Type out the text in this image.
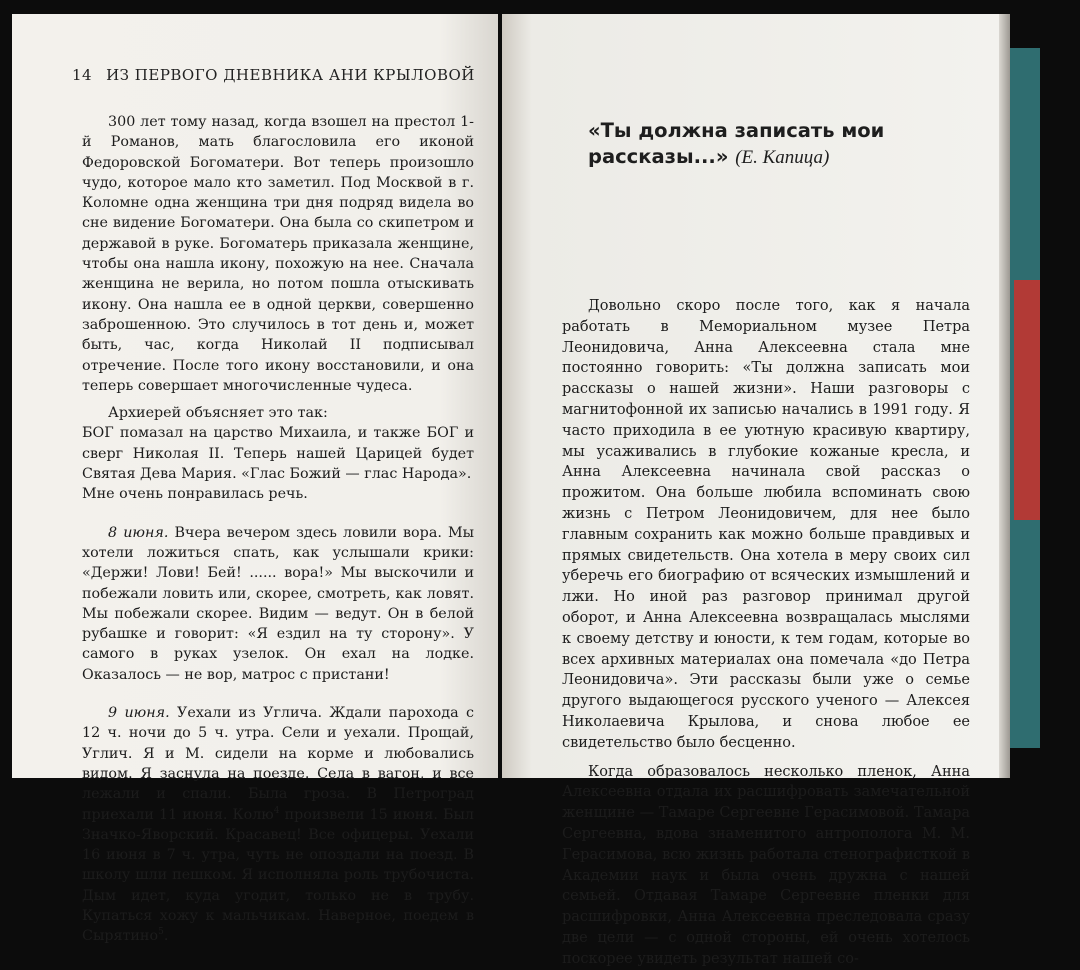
14 ИЗ ПЕРВОГО ДНЕВНИКА АНИ КРЫЛОВОЙ

300 лет тому назад, когда взошел на престол 1-й Романов, мать благословила его иконой Федоровской Богоматери. Вот теперь произошло чудо, которое мало кто заметил. Под Москвой в г. Коломне одна женщина три дня подряд видела во сне видение Богоматери. Она была со скипетром и державой в руке. Богоматерь приказала женщине, чтобы она нашла икону, похожую на нее. Сначала женщина не верила, но потом пошла отыскивать икону. Она нашла ее в одной церкви, совершенно заброшенною. Это случилось в тот день и, может быть, час, когда Николай II подписывал отречение. После того икону восстановили, и она теперь совершает многочисленные чудеса.

Архиерей объясняет это так:

БОГ помазал на царство Михаила, и также БОГ и сверг Николая II. Теперь нашей Царицей будет Святая Дева Мария. «Глас Божий — глас Народа».

Мне очень понравилась речь.

8 июня. Вчера вечером здесь ловили вора. Мы хотели ложиться спать, как услышали крики: «Держи! Лови! Бей! ...... вора!» Мы выскочили и побежали ловить или, скорее, смотреть, как ловят. Мы побежали скорее. Видим — ведут. Он в белой рубашке и говорит: «Я ездил на ту сторону». У самого в руках узелок. Он ехал на лодке. Оказалось — не вор, матрос с пристани!

9 июня. Уехали из Углича. Ждали парохода с 12 ч. ночи до 5 ч. утра. Сели и уехали. Прощай, Углич. Я и М. сидели на корме и любовались видом. Я заснула на поезде. Села в вагон, и все лежали и спали. Была гроза. В Петроград приехали 11 июня. Колю$^4$ произвели 15 июня. Был Значко-Яворский. Красавец! Все офицеры. Уехали 16 июня в 7 ч. утра, чуть не опоздали на поезд. В школу шли пешком. Я исполняла роль трубочиста. Дым идет, куда угодит, только не в трубу. Купаться хожу к мальчикам. Наверное, поедем в Сырятино$^5$.

«Ты должна записать мои рассказы...» (Е. Капица)

Довольно скоро после того, как я начала работать в Мемориальном музее Петра Леонидовича, Анна Алексеевна стала мне постоянно говорить: «Ты должна записать мои рассказы о нашей жизни». Наши разговоры с магнитофонной их записью начались в 1991 году. Я часто приходила в ее уютную красивую квартиру, мы усаживались в глубокие кожаные кресла, и Анна Алексеевна начинала свой рассказ о прожитом. Она больше любила вспоминать свою жизнь с Петром Леонидовичем, для нее было главным сохранить как можно больше правдивых и прямых свидетельств. Она хотела в меру своих сил уберечь его биографию от всяческих измышлений и лжи. Но иной раз разговор принимал другой оборот, и Анна Алексеевна возвращалась мыслями к своему детству и юности, к тем годам, которые во всех архивных материалах она помечала «до Петра Леонидовича». Эти рассказы были уже о семье другого выдающегося русского ученого — Алексея Николаевича Крылова, и снова любое ее свидетельство было бесценно.

Когда образовалось несколько пленок, Анна Алексеевна отдала их расшифровать замечательной женщине — Тамаре Сергеевне Герасимовой. Тамара Сергеевна, вдова знаменитого антрополога М. М. Герасимова, всю жизнь работала стенографисткой в Академии наук и была очень дружна с нашей семьей. Отдавая Тамаре Сергеевне пленки для расшифровки, Анна Алексеевна преследовала сразу две цели — с одной стороны, ей очень хотелось поскорее увидеть результат нашей со-
